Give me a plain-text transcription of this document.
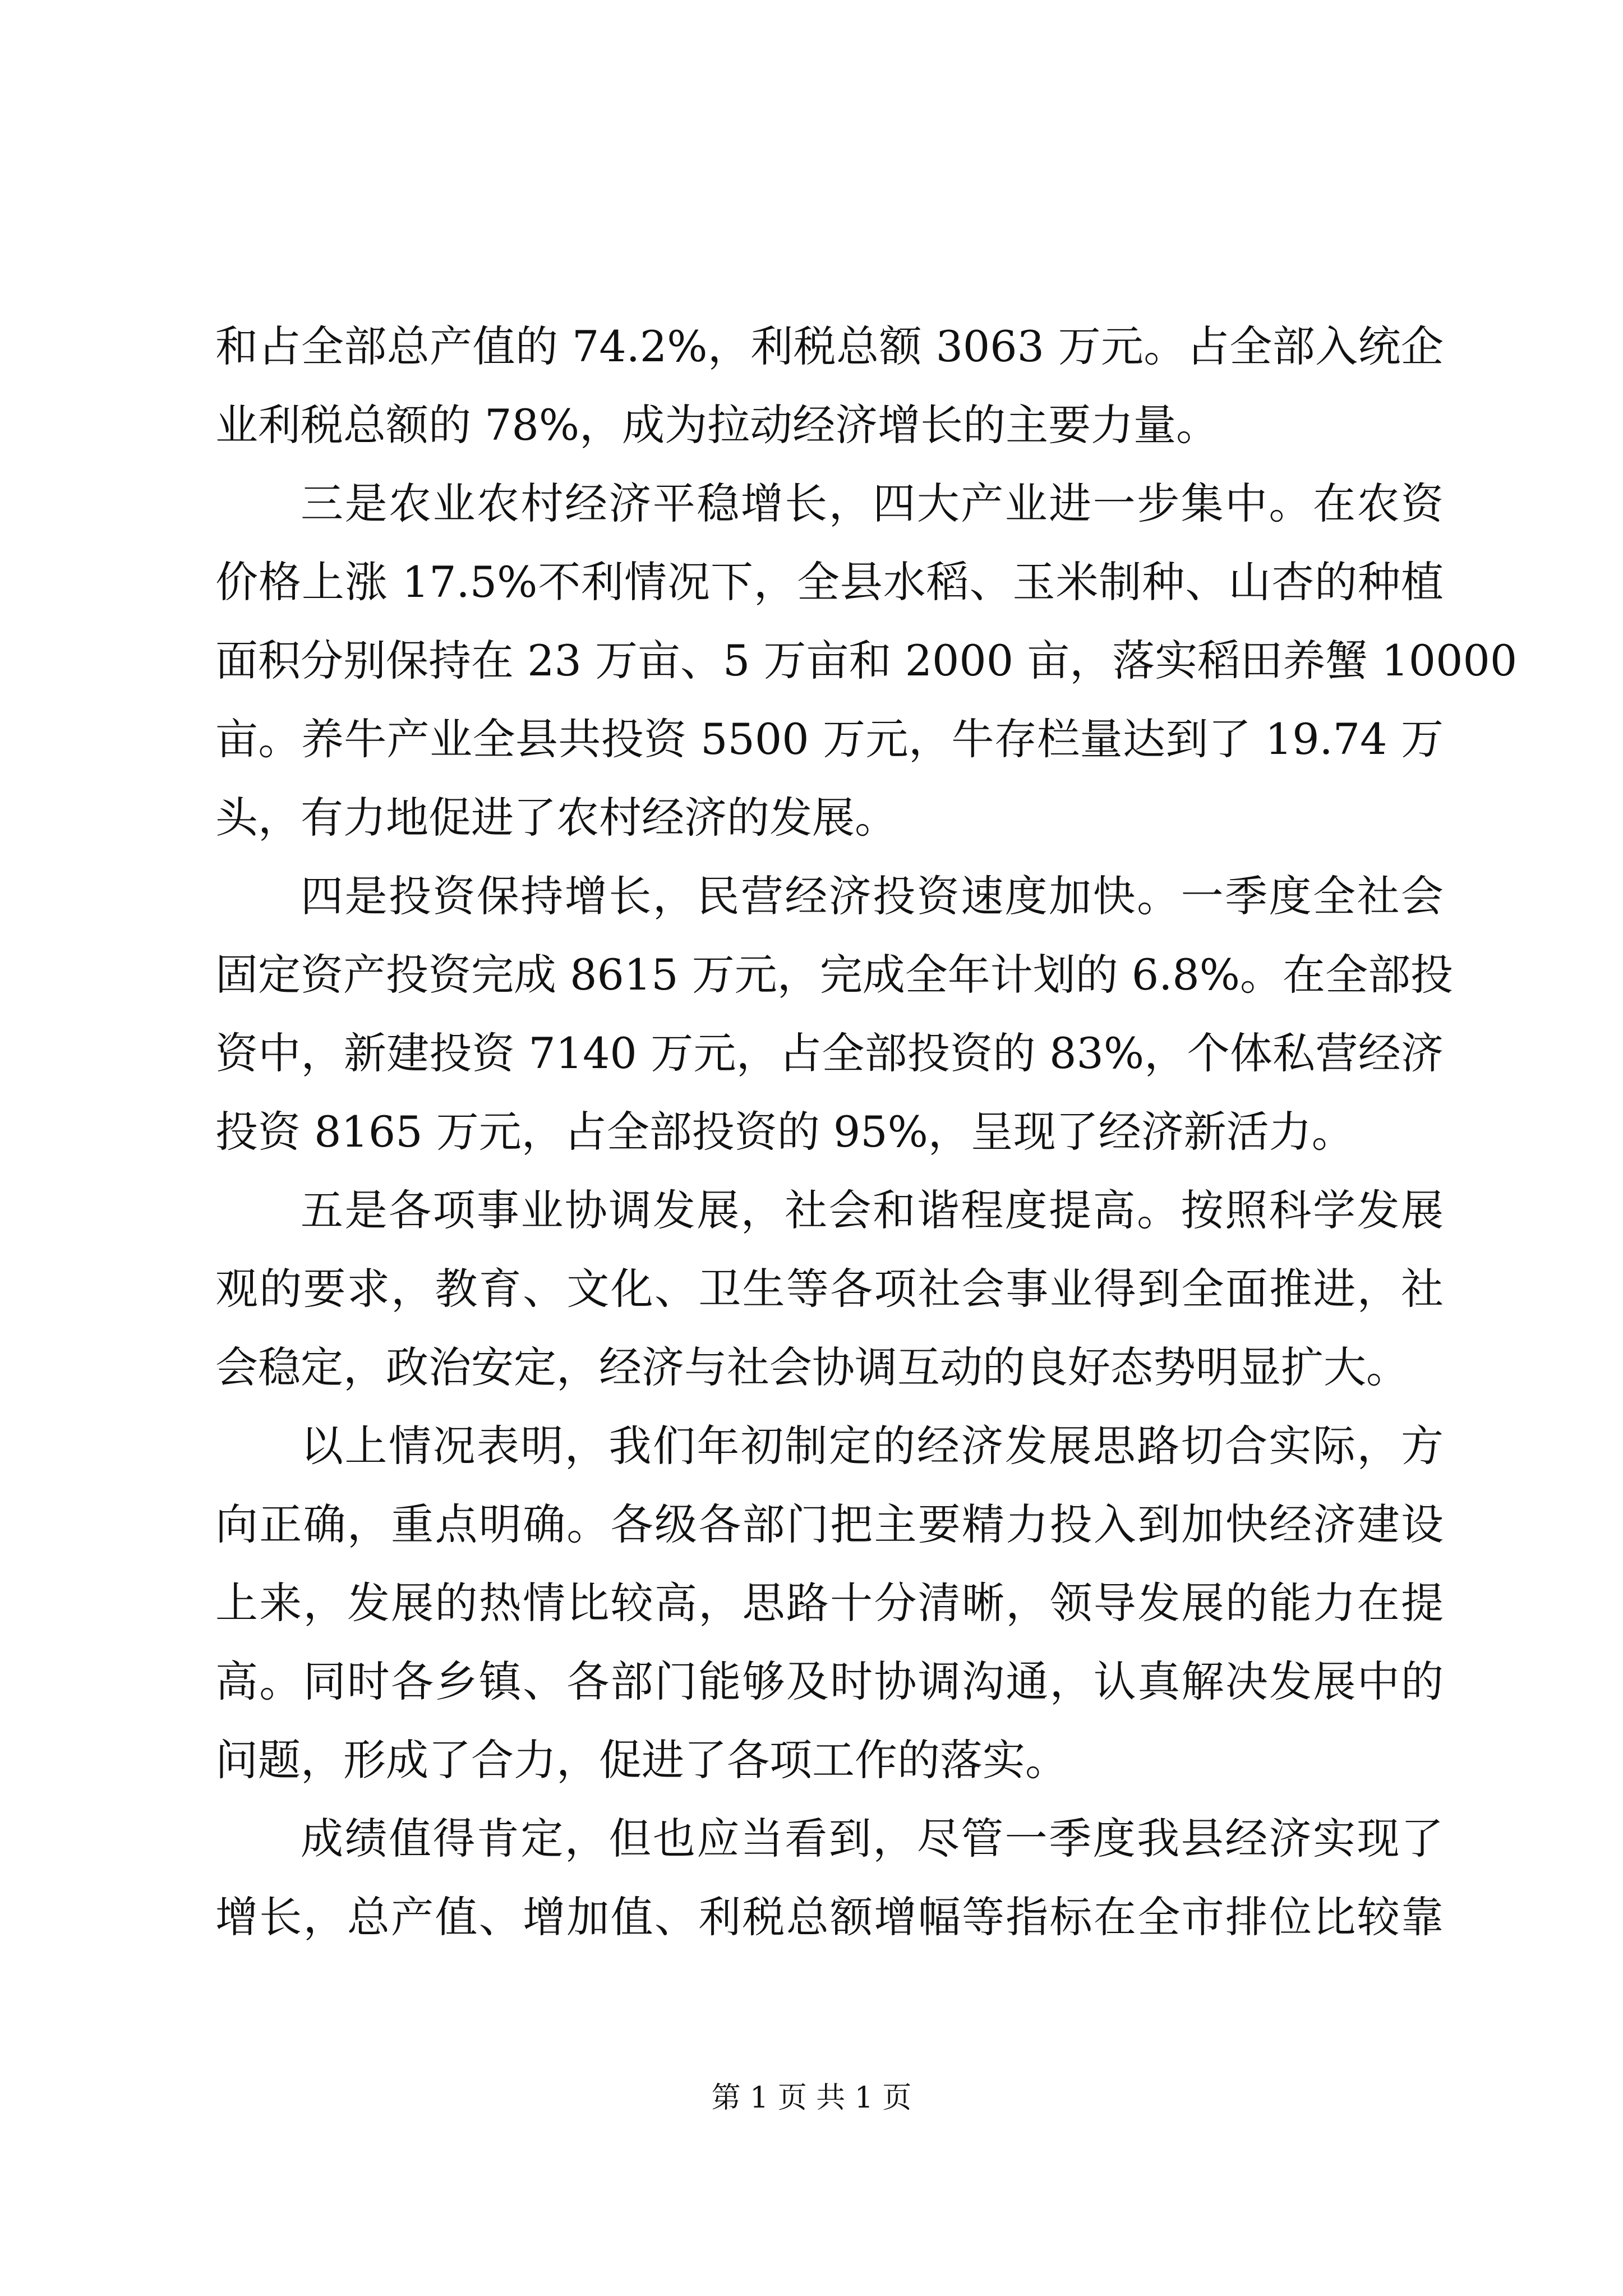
和占全部总产值的 74.2%，利税总额 3063 万元。占全部入统企
业利税总额的 78%，成为拉动经济增长的主要力量。
三是农业农村经济平稳增长，四大产业进一步集中。在农资
价格上涨 17.5%不利情况下，全县水稻、玉米制种、山杏的种植
面积分别保持在 23 万亩、5 万亩和 2000 亩，落实稻田养蟹 10000
亩。养牛产业全县共投资 5500 万元，牛存栏量达到了 19.74 万
头，有力地促进了农村经济的发展。
四是投资保持增长，民营经济投资速度加快。一季度全社会
固定资产投资完成 8615 万元，完成全年计划的 6.8%。在全部投
资中，新建投资 7140 万元，占全部投资的 83%，个体私营经济
投资 8165 万元，占全部投资的 95%，呈现了经济新活力。
五是各项事业协调发展，社会和谐程度提高。按照科学发展
观的要求，教育、文化、卫生等各项社会事业得到全面推进，社
会稳定，政治安定，经济与社会协调互动的良好态势明显扩大。
以上情况表明，我们年初制定的经济发展思路切合实际，方
向正确，重点明确。各级各部门把主要精力投入到加快经济建设
上来，发展的热情比较高，思路十分清晰，领导发展的能力在提
高。同时各乡镇、各部门能够及时协调沟通，认真解决发展中的
问题，形成了合力，促进了各项工作的落实。
成绩值得肯定，但也应当看到，尽管一季度我县经济实现了
增长，总产值、增加值、利税总额增幅等指标在全市排位比较靠
第 1 页 共 1 页
